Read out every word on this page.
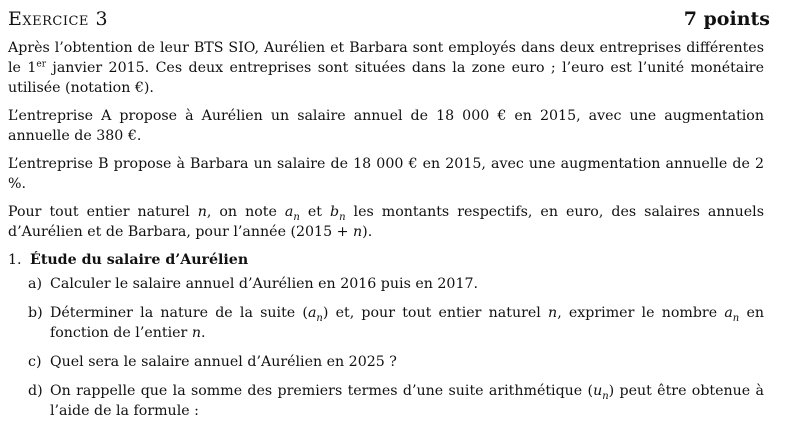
Exercice 3	7 points

Après l’obtention de leur BTS SIO, Aurélien et Barbara sont employés dans deux entreprises différentes le 1er janvier 2015. Ces deux entreprises sont situées dans la zone euro ; l’euro est l’unité monétaire utilisée (notation €).

L’entreprise A propose à Aurélien un salaire annuel de 18 000 € en 2015, avec une augmentation annuelle de 380 €.

L’entreprise B propose à Barbara un salaire de 18 000 € en 2015, avec une augmentation annuelle de 2 %.

Pour tout entier naturel n, on note $a_n$ et $b_n$ les montants respectifs, en euro, des salaires annuels d’Aurélien et de Barbara, pour l’année (2015 + n).

1. Étude du salaire d’Aurélien
a) Calculer le salaire annuel d’Aurélien en 2016 puis en 2017.
b) Déterminer la nature de la suite $(a_n)$ et, pour tout entier naturel n, exprimer le nombre $a_n$ en fonction de l’entier n.
c) Quel sera le salaire annuel d’Aurélien en 2025 ?
d) On rappelle que la somme des premiers termes d’une suite arithmétique $(u_n)$ peut être obtenue à l’aide de la formule :
